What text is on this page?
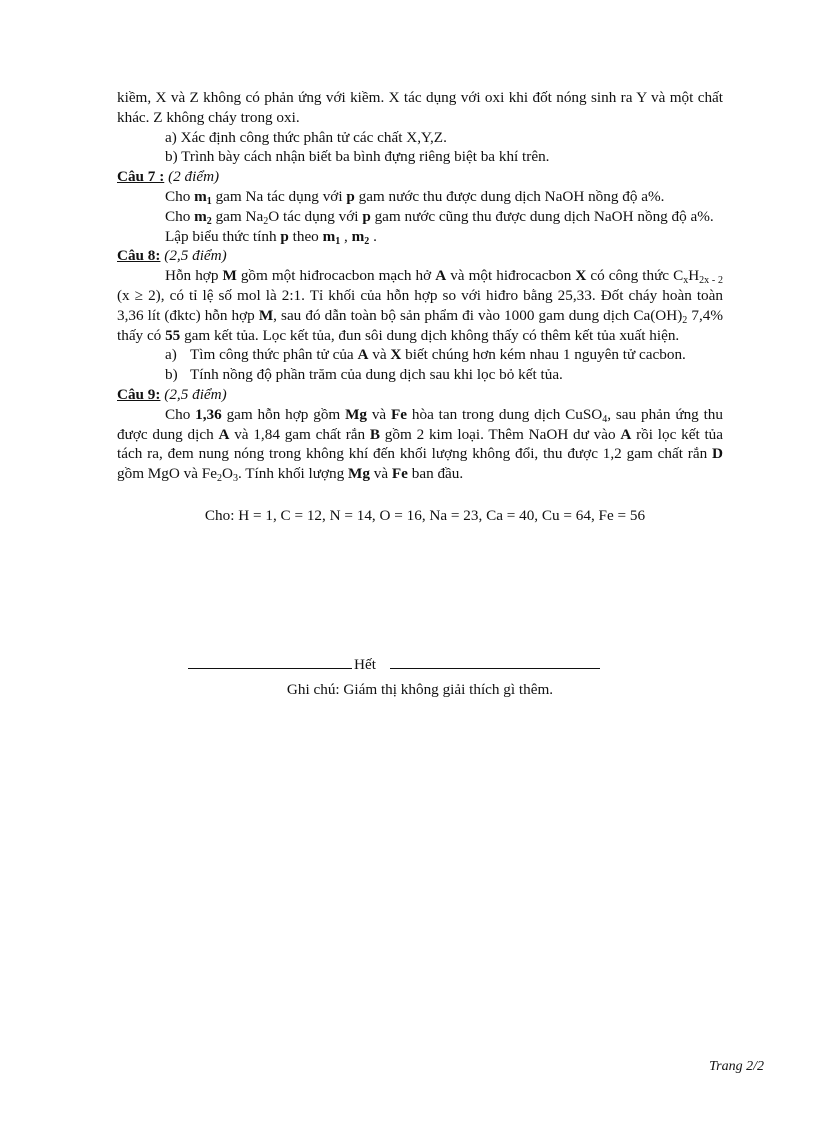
kiềm, X và Z không có phản ứng với kiềm. X tác dụng với oxi khi đốt nóng sinh ra Y và một chất khác. Z không cháy trong oxi.

a) Xác định công thức phân tử các chất X,Y,Z.

b) Trình bày cách nhận biết ba bình đựng riêng biệt ba khí trên.

Câu 7 : (2 điểm)

Cho $m_1$ gam Na tác dụng với p gam nước thu được dung dịch NaOH nồng độ a%.

Cho $m_2$ gam $Na_2O$ tác dụng với p gam nước cũng thu được dung dịch NaOH nồng độ a%.

Lập biểu thức tính p theo $m_1$ , $m_2$ .

Câu 8: (2,5 điểm)

Hỗn hợp M gồm một hiđrocacbon mạch hở A và một hiđrocacbon X có công thức $C_xH_{2x - 2}$ (x ≥ 2), có tỉ lệ số mol là 2:1. Tỉ khối của hỗn hợp so với hiđro bằng 25,33. Đốt cháy hoàn toàn 3,36 lít (đktc) hỗn hợp M, sau đó dẫn toàn bộ sản phẩm đi vào 1000 gam dung dịch $Ca(OH)_2$ 7,4% thấy có 55 gam kết tủa. Lọc kết tủa, đun sôi dung dịch không thấy có thêm kết tủa xuất hiện.

a) Tìm công thức phân tử của A và X biết chúng hơn kém nhau 1 nguyên tử cacbon.
b) Tính nồng độ phần trăm của dung dịch sau khi lọc bỏ kết tủa.

Câu 9: (2,5 điểm)

Cho 1,36 gam hỗn hợp gồm Mg và Fe hòa tan trong dung dịch CuSO$_4$, sau phản ứng thu được dung dịch A và 1,84 gam chất rắn B gồm 2 kim loại. Thêm NaOH dư vào A rồi lọc kết tủa tách ra, đem nung nóng trong không khí đến khối lượng không đổi, thu được 1,2 gam chất rắn D gồm MgO và $Fe_2O_3$. Tính khối lượng Mg và Fe ban đầu.

Cho: H = 1, C = 12, N = 14, O = 16, Na = 23, Ca = 40, Cu = 64, Fe = 56

Hết
Ghi chú: Giám thị không giải thích gì thêm.
Trang 2/2
